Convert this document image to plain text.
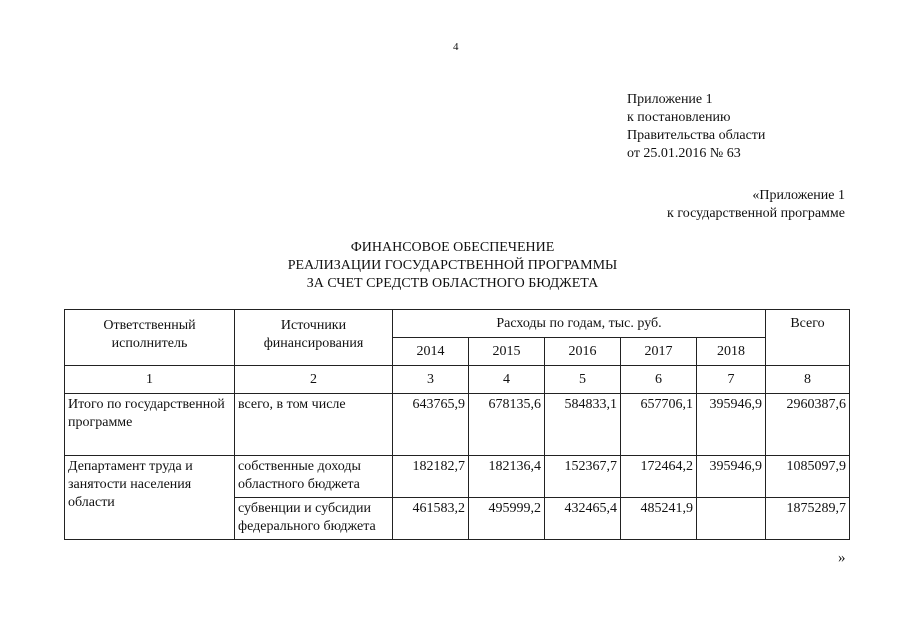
4
Приложение 1
к постановлению
Правительства области
от 25.01.2016 № 63
«Приложение 1
к государственной программе
ФИНАНСОВОЕ ОБЕСПЕЧЕНИЕ
РЕАЛИЗАЦИИ ГОСУДАРСТВЕННОЙ ПРОГРАММЫ
ЗА СЧЕТ СРЕДСТВ ОБЛАСТНОГО БЮДЖЕТА
Ответственный исполнитель	Источники финансирования	Расходы по годам, тыс. руб.					Всего
		2014	2015	2016	2017	2018	
1	2	3	4	5	6	7	8
Итого по государственной программе	всего, в том числе	643765,9	678135,6	584833,1	657706,1	395946,9	2960387,6
Департамент труда и занятости населения области	собственные доходы областного бюджета	182182,7	182136,4	152367,7	172464,2	395946,9	1085097,9
	субвенции и субсидии федерального бюджета	461583,2	495999,2	432465,4	485241,9		1875289,7
»
